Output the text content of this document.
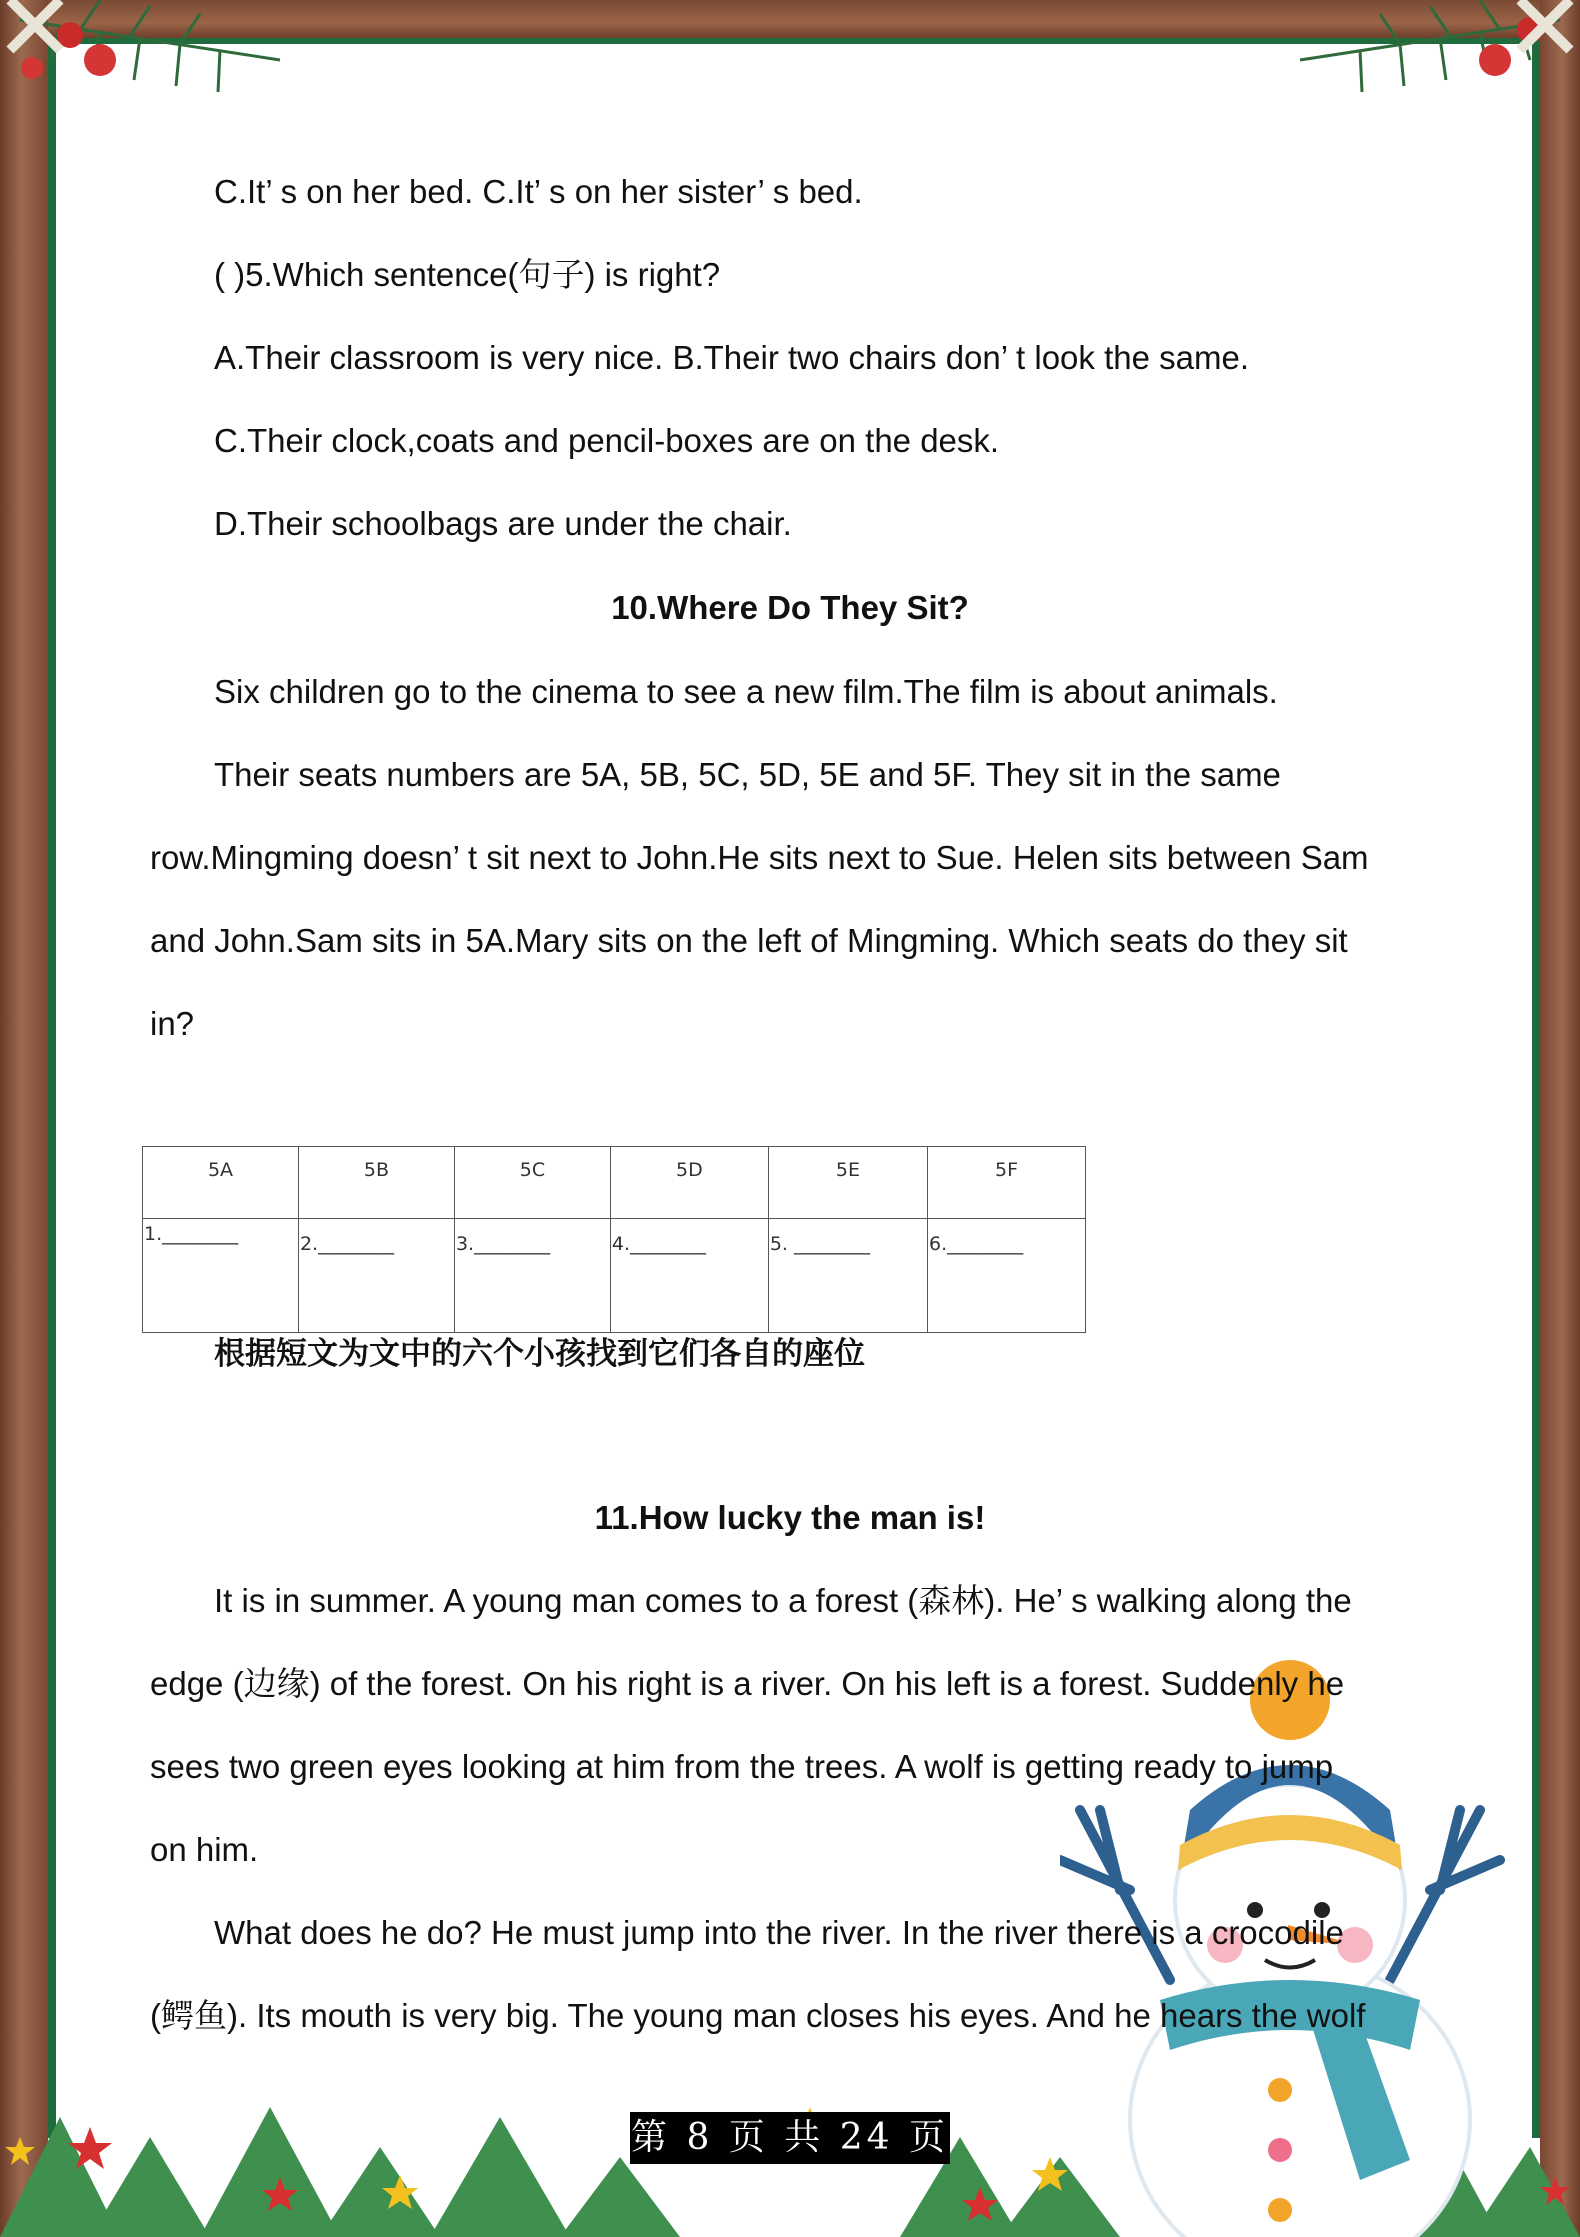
C.It’ s on her bed. C.It’ s on her sister’ s bed.
( )5.Which sentence(句子) is right?
A.Their classroom is very nice. B.Their two chairs don’ t look the same.
C.Their clock,coats and pencil-boxes are on the desk.
D.Their schoolbags are under the chair.
10.Where Do They Sit?
Six children go to the cinema to see a new film.The film is about animals.
Their seats numbers are 5A, 5B, 5C, 5D, 5E and 5F. They sit in the same
row.Mingming doesn’ t sit next to John.He sits next to Sue. Helen sits between Sam
and John.Sam sits in 5A.Mary sits on the left of Mingming. Which seats do they sit
in?
5A	5B	5C	5D	5E	5F
1.________	2.________	3.________	4.________	5. ________	6.________
根据短文为文中的六个小孩找到它们各自的座位
11.How lucky the man is!
It is in summer. A young man comes to a forest (森林). He’ s walking along the
edge (边缘) of the forest. On his right is a river. On his left is a forest. Suddenly he
sees two green eyes looking at him from the trees. A wolf is getting ready to jump
on him.
What does he do? He must jump into the river. In the river there is a crocodile
(鳄鱼). Its mouth is very big. The young man closes his eyes. And he hears the wolf
第 8 页 共 24 页
